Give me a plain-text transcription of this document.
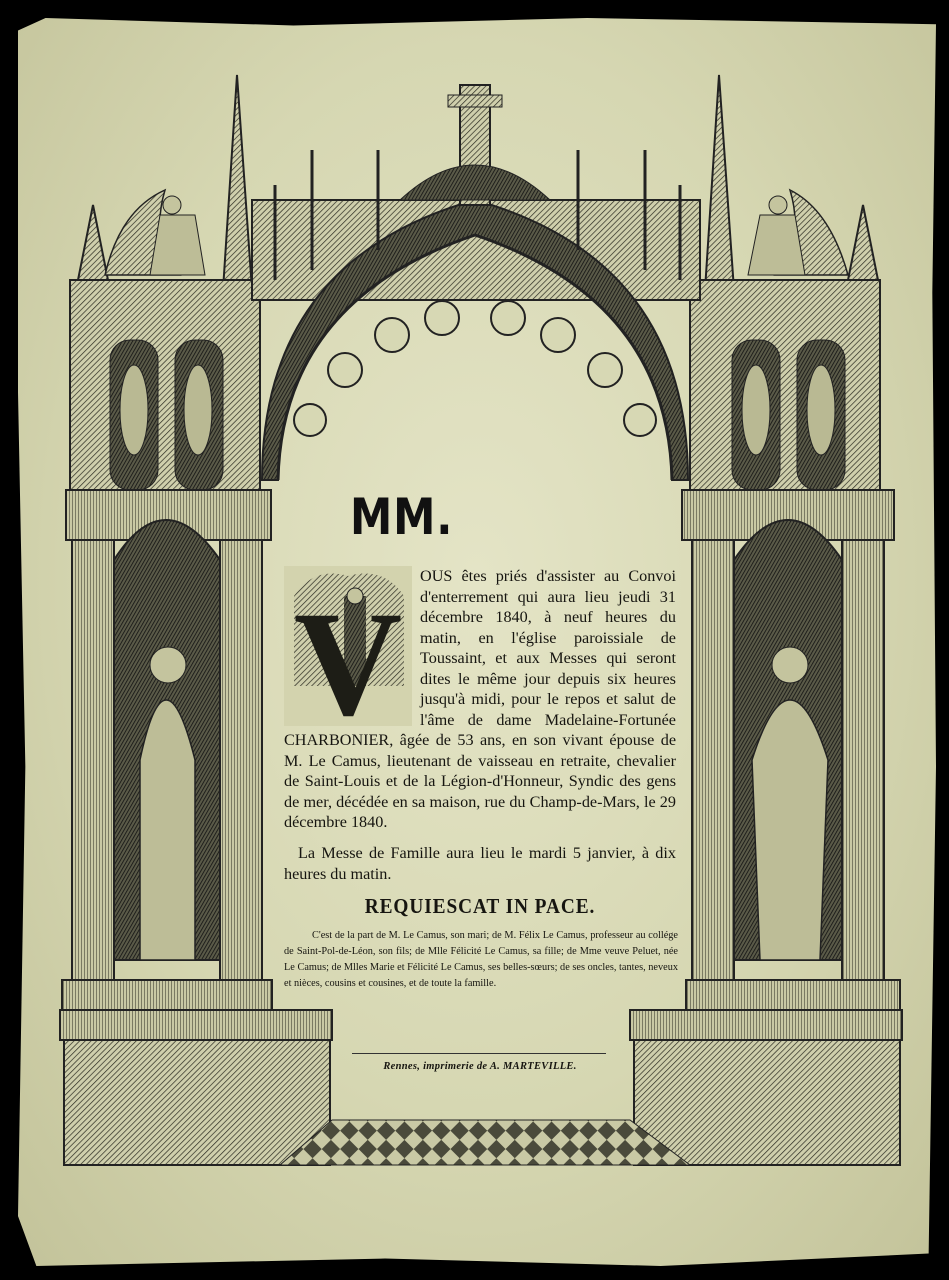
MM.
V
OUS êtes priés d'assister au Convoi d'enterrement qui aura lieu jeudi 31 décembre 1840, à neuf heures du matin, en l'église paroissiale de Toussaint, et aux Messes qui seront dites le même jour depuis six heures jusqu'à midi, pour le repos et salut de l'âme de dame Madelaine-Fortunée CHARBONIER, âgée de 53 ans, en son vivant épouse de M. Le Camus, lieutenant de vaisseau en retraite, chevalier de Saint-Louis et de la Légion-d'Honneur, Syndic des gens de mer, décédée en sa maison, rue du Champ-de-Mars, le 29 décembre 1840.
La Messe de Famille aura lieu le mardi 5 janvier, à dix heures du matin.
REQUIESCAT IN PACE.
C'est de la part de M. Le Camus, son mari; de M. Félix Le Camus, professeur au collége de Saint-Pol-de-Léon, son fils; de Mlle Félicité Le Camus, sa fille; de Mme veuve Peluet, née Le Camus; de Mlles Marie et Félicité Le Camus, ses belles-sœurs; de ses oncles, tantes, neveux et nièces, cousins et cousines, et de toute la famille.
Rennes, imprimerie de A. MARTEVILLE.
